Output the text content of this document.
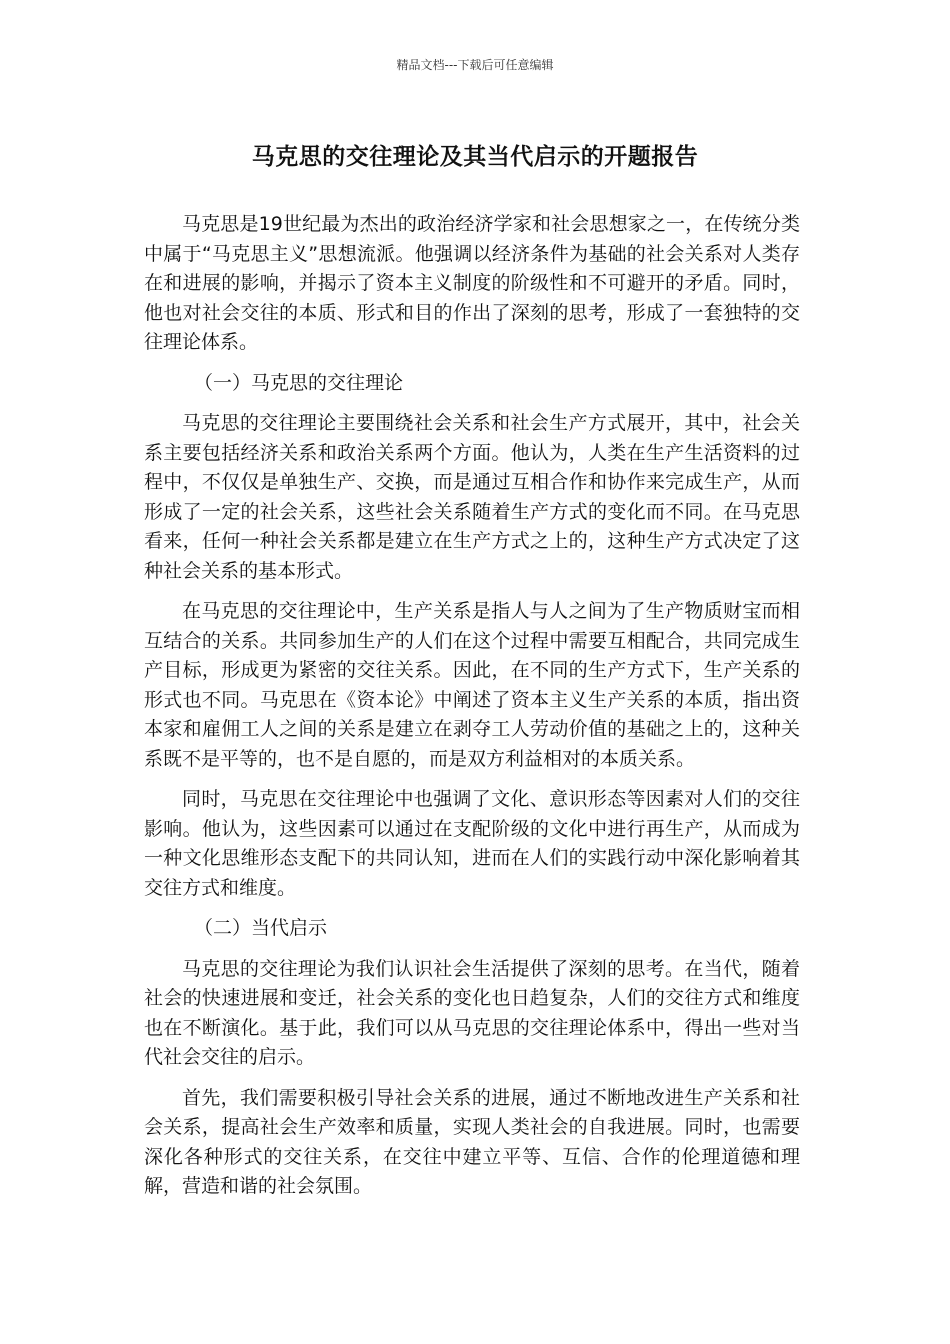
精品文档---下载后可任意编辑
马克思的交往理论及其当代启示的开题报告

马克思是19世纪最为杰出的政治经济学家和社会思想家之一，在传统分类中属于“马克思主义”思想流派。他强调以经济条件为基础的社会关系对人类存在和进展的影响，并揭示了资本主义制度的阶级性和不可避开的矛盾。同时，他也对社会交往的本质、形式和目的作出了深刻的思考，形成了一套独特的交往理论体系。

（一）马克思的交往理论

马克思的交往理论主要围绕社会关系和社会生产方式展开，其中，社会关系主要包括经济关系和政治关系两个方面。他认为，人类在生产生活资料的过程中，不仅仅是单独生产、交换，而是通过互相合作和协作来完成生产，从而形成了一定的社会关系，这些社会关系随着生产方式的变化而不同。在马克思看来，任何一种社会关系都是建立在生产方式之上的，这种生产方式决定了这种社会关系的基本形式。

在马克思的交往理论中，生产关系是指人与人之间为了生产物质财宝而相互结合的关系。共同参加生产的人们在这个过程中需要互相配合，共同完成生产目标，形成更为紧密的交往关系。因此，在不同的生产方式下，生产关系的形式也不同。马克思在《资本论》中阐述了资本主义生产关系的本质，指出资本家和雇佣工人之间的关系是建立在剥夺工人劳动价值的基础之上的，这种关系既不是平等的，也不是自愿的，而是双方利益相对的本质关系。

同时，马克思在交往理论中也强调了文化、意识形态等因素对人们的交往影响。他认为，这些因素可以通过在支配阶级的文化中进行再生产，从而成为一种文化思维形态支配下的共同认知，进而在人们的实践行动中深化影响着其交往方式和维度。

（二）当代启示

马克思的交往理论为我们认识社会生活提供了深刻的思考。在当代，随着社会的快速进展和变迁，社会关系的变化也日趋复杂，人们的交往方式和维度也在不断演化。基于此，我们可以从马克思的交往理论体系中，得出一些对当代社会交往的启示。

首先，我们需要积极引导社会关系的进展，通过不断地改进生产关系和社会关系，提高社会生产效率和质量，实现人类社会的自我进展。同时，也需要深化各种形式的交往关系，在交往中建立平等、互信、合作的伦理道德和理解，营造和谐的社会氛围。
